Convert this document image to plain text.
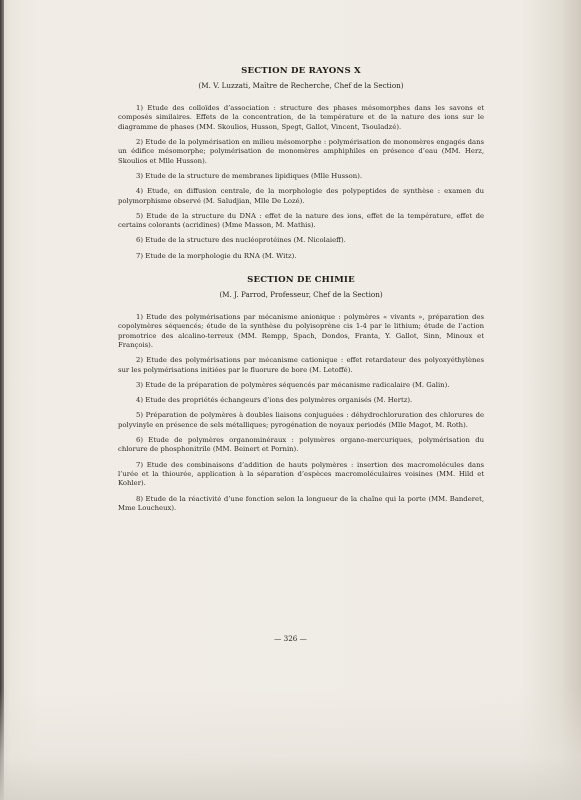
SECTION DE RAYONS X
(M. V. Luzzati, Maître de Recherche, Chef de la Section)

1) Etude des colloïdes d’association : structure des phases mésomorphes dans les savons et composés similaires. Effets de la concentration, de la température et de la nature des ions sur le diagramme de phases (MM. Skoulios, Husson, Spegt, Gallot, Vincent, Tsouladzé).

2) Etude de la polymérisation en milieu mésomorphe : polymérisation de monomères engagés dans un édifice mésomorphe; polymérisation de monomères amphiphiles en présence d’eau (MM. Herz, Skoulios et Mlle Husson).

3) Etude de la structure de membranes lipidiques (Mlle Husson).

4) Etude, en diffusion centrale, de la morphologie des polypeptides de synthèse : examen du polymorphisme observé (M. Saludjian, Mlle De Lozé).

5) Etude de la structure du DNA : effet de la nature des ions, effet de la température, effet de certains colorants (acridines) (Mme Masson, M. Mathis).

6) Etude de la structure des nucléoprotéines (M. Nicolaieff).

7) Etude de la morphologie du RNA (M. Witz).

SECTION DE CHIMIE
(M. J. Parrod, Professeur, Chef de la Section)

1) Etude des polymérisations par mécanisme anionique : polymères « vivants », préparation des copolymères séquencés; étude de la synthèse du polyisoprène cis 1-4 par le lithium; étude de l’action promotrice des alcalino-terreux (MM. Rempp, Spach, Dondos, Franta, Y. Gallot, Sinn, Minoux et François).

2) Etude des polymérisations par mécanisme cationique : effet retardateur des polyoxyéthylènes sur les polymérisations initiées par le fluorure de bore (M. Letoffé).

3) Etude de la préparation de polymères séquencés par mécanisme radicalaire (M. Galin).

4) Etude des propriétés échangeurs d’ions des polymères organisés (M. Hertz).

5) Préparation de polymères à doubles liaisons conjuguées : déhydrochloruration des chlorures de polyvinyle en présence de sels métalliques; pyrogénation de noyaux periodés (Mlle Magot, M. Roth).

6) Etude de polymères organominéraux : polymères organo-mercuriques, polymérisation du chlorure de phosphonitrile (MM. Beinert et Pornin).

7) Etude des combinaisons d’addition de hauts polymères : insertion des macromolécules dans l’urée et la thiourée, application à la séparation d’espèces macromoléculaires voisines (MM. Hild et Kohler).

8) Etude de la réactivité d’une fonction selon la longueur de la chaîne qui la porte (MM. Banderet, Mme Loucheux).

— 326 —
